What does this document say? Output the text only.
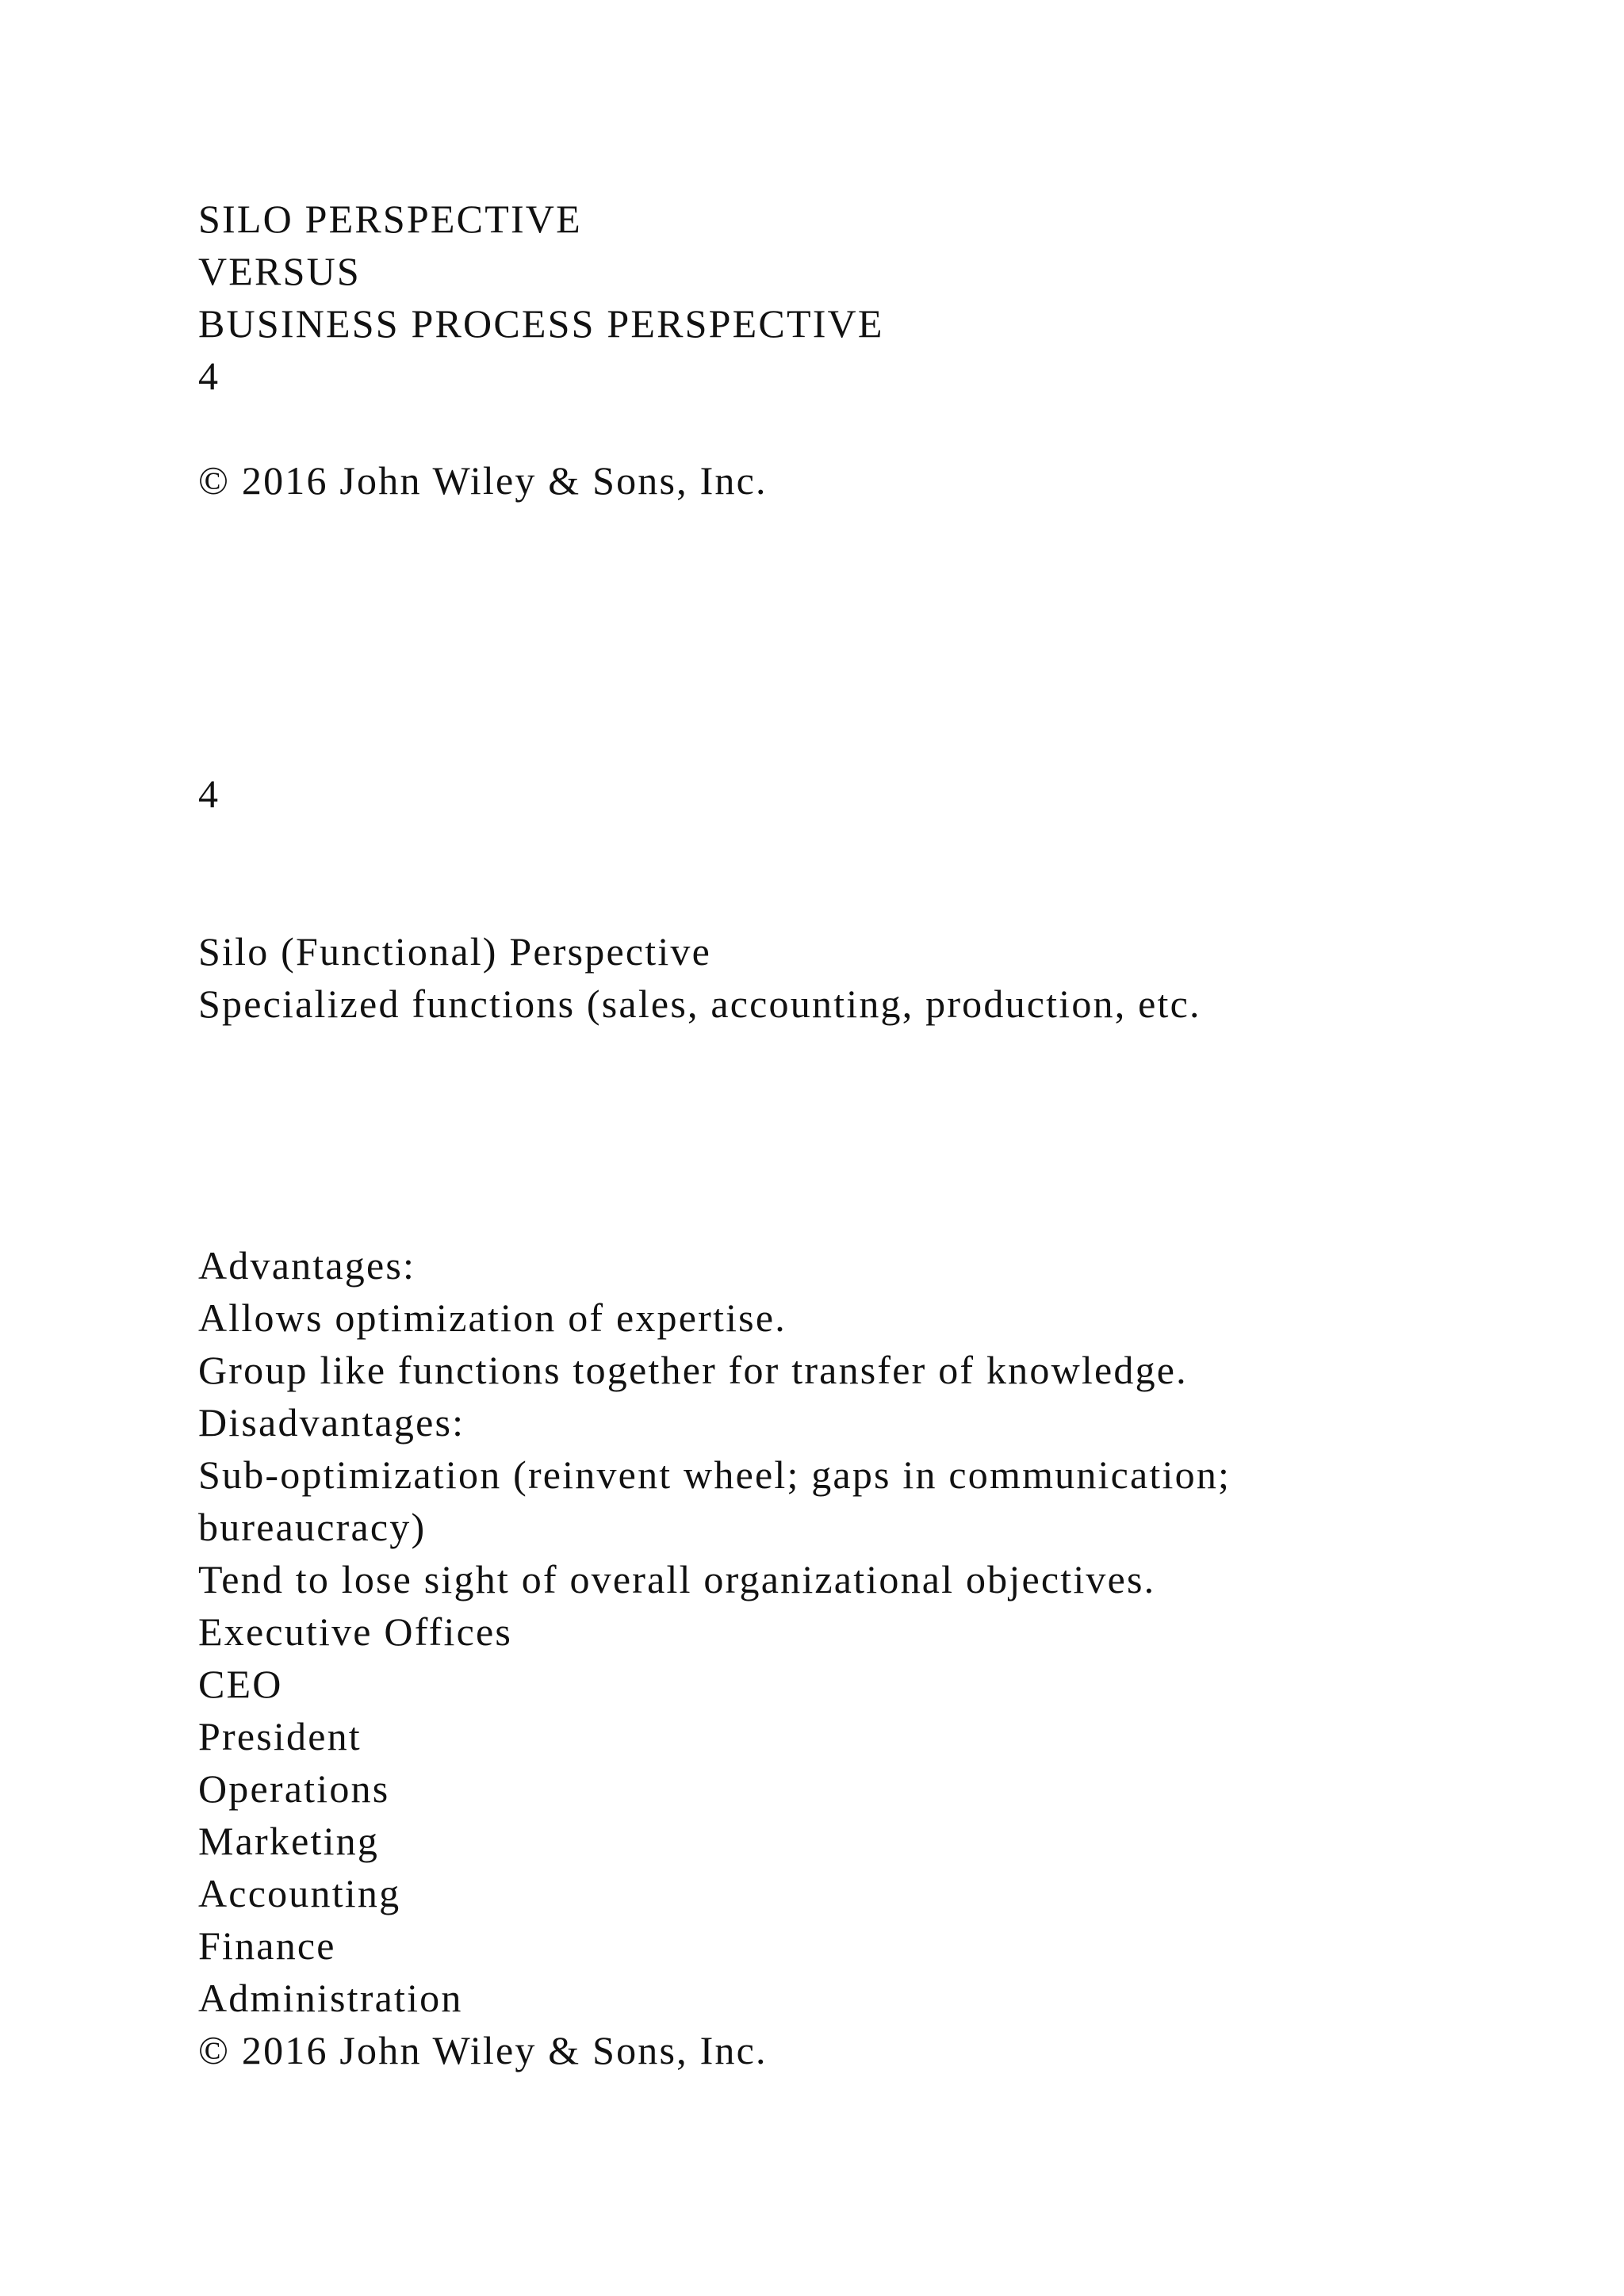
SILO PERSPECTIVE

VERSUS

BUSINESS PROCESS PERSPECTIVE

4

© 2016 John Wiley & Sons, Inc.

4

Silo (Functional) Perspective

Specialized functions (sales, accounting, production, etc.

Advantages:

Allows optimization of expertise.

Group like functions together for transfer of knowledge.

Disadvantages:

Sub-optimization (reinvent wheel; gaps in communication;

bureaucracy)

Tend to lose sight of overall organizational objectives.

Executive Offices

CEO

President

Operations

Marketing

Accounting

Finance

Administration

© 2016 John Wiley & Sons, Inc.
